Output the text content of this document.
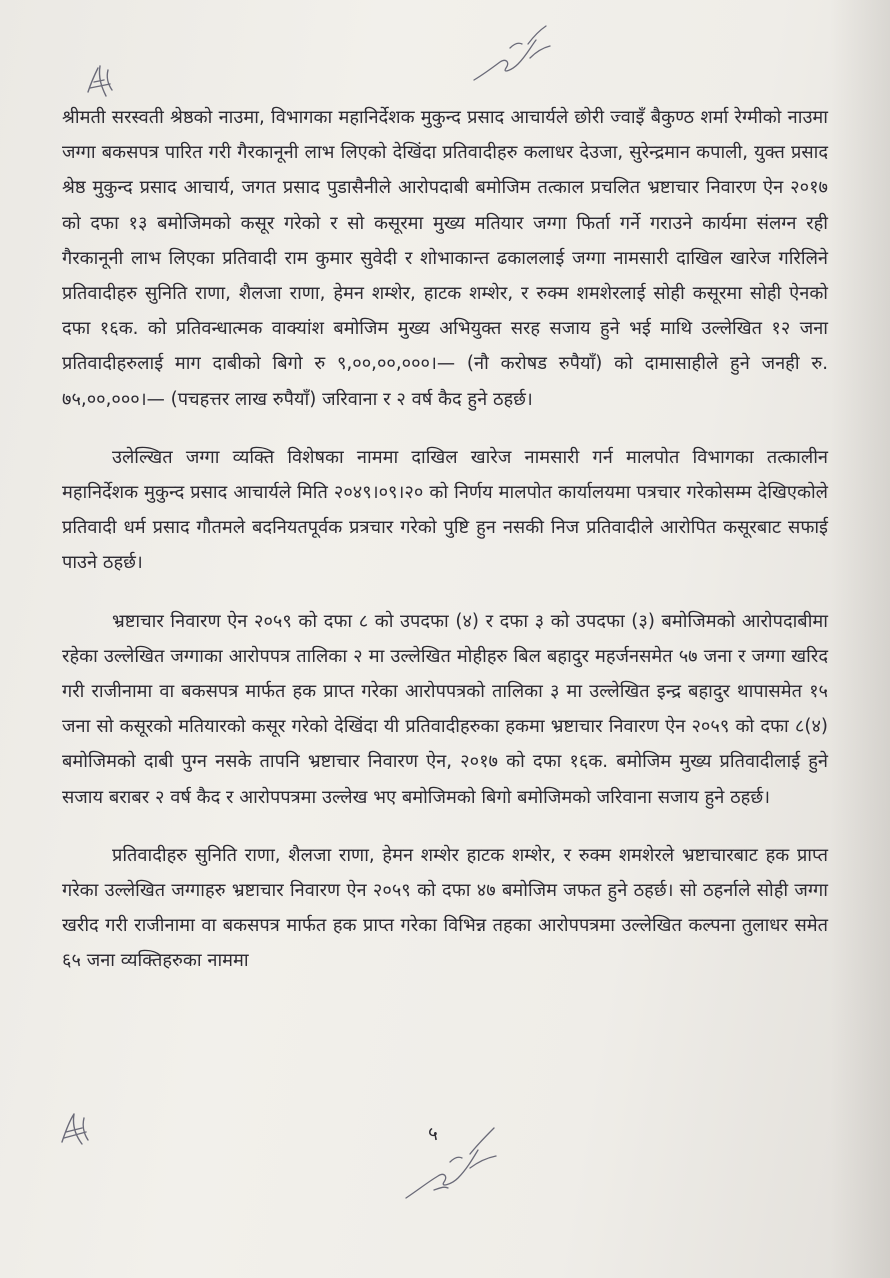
श्रीमती सरस्वती श्रेष्ठको नाउमा, विभागका महानिर्देशक मुकुन्द प्रसाद आचार्यले छोरी ज्वाइँ बैकुण्ठ शर्मा रेग्मीको नाउमा जग्गा बकसपत्र पारित गरी गैरकानूनी लाभ लिएको देखिंदा प्रतिवादीहरु कलाधर देउजा, सुरेन्द्रमान कपाली, युक्त प्रसाद श्रेष्ठ मुकुन्द प्रसाद आचार्य, जगत प्रसाद पुडासैनीले आरोपदाबी बमोजिम तत्काल प्रचलित भ्रष्टाचार निवारण ऐन २०१७ को दफा १३ बमोजिमको कसूर गरेको र सो कसूरमा मुख्य मतियार जग्गा फिर्ता गर्ने गराउने कार्यमा संलग्न रही गैरकानूनी लाभ लिएका प्रतिवादी राम कुमार सुवेदी र शोभाकान्त ढकाललाई जग्गा नामसारी दाखिल खारेज गरिलिने प्रतिवादीहरु सुनिति राणा, शैलजा राणा, हेमन शम्शेर, हाटक शम्शेर, र रुक्म शमशेरलाई सोही कसूरमा सोही ऐनको दफा १६क. को प्रतिवन्धात्मक वाक्यांश बमोजिम मुख्य अभियुक्त सरह सजाय हुने भई माथि उल्लेखित १२ जना प्रतिवादीहरुलाई माग दाबीको बिगो रु ९,००,००,०००।— (नौ करोषड रुपैयाँ) को दामासाहीले हुने जनही रु. ७५,००,०००।— (पचहत्तर लाख रुपैयाँ) जरिवाना र २ वर्ष कैद हुने ठहर्छ।

उलेल्खित जग्गा व्यक्ति विशेषका नाममा दाखिल खारेज नामसारी गर्न मालपोत विभागका तत्कालीन महानिर्देशक मुकुन्द प्रसाद आचार्यले मिति २०४९।०९।२० को निर्णय मालपोत कार्यालयमा पत्रचार गरेकोसम्म देखिएकोले प्रतिवादी धर्म प्रसाद गौतमले बदनियतपूर्वक प्रत्रचार गरेको पुष्टि हुन नसकी निज प्रतिवादीले आरोपित कसूरबाट सफाई पाउने ठहर्छ।

भ्रष्टाचार निवारण ऐन २०५९ को दफा ८ को उपदफा (४) र दफा ३ को उपदफा (३) बमोजिमको आरोपदाबीमा रहेका उल्लेखित जग्गाका आरोपपत्र तालिका २ मा उल्लेखित मोहीहरु बिल बहादुर महर्जनसमेत ५७ जना र जग्गा खरिद गरी राजीनामा वा बकसपत्र मार्फत हक प्राप्त गरेका आरोपपत्रको तालिका ३ मा उल्लेखित इन्द्र बहादुर थापासमेत १५ जना सो कसूरको मतियारको कसूर गरेको देखिंदा यी प्रतिवादीहरुका हकमा भ्रष्टाचार निवारण ऐन २०५९ को दफा ८(४) बमोजिमको दाबी पुग्न नसके तापनि भ्रष्टाचार निवारण ऐन, २०१७ को दफा १६क. बमोजिम मुख्य प्रतिवादीलाई हुने सजाय बराबर २ वर्ष कैद र आरोपपत्रमा उल्लेख भए बमोजिमको बिगो बमोजिमको जरिवाना सजाय हुने ठहर्छ।

प्रतिवादीहरु सुनिति राणा, शैलजा राणा, हेमन शम्शेर हाटक शम्शेर, र रुक्म शमशेरले भ्रष्टाचारबाट हक प्राप्त गरेका उल्लेखित जग्गाहरु भ्रष्टाचार निवारण ऐन २०५९ को दफा ४७ बमोजिम जफत हुने ठहर्छ। सो ठहर्नाले सोही जग्गा खरीद गरी राजीनामा वा बकसपत्र मार्फत हक प्राप्त गरेका विभिन्न तहका आरोपपत्रमा उल्लेखित कल्पना तुलाधर समेत ६५ जना व्यक्तिहरुका नाममा

५
